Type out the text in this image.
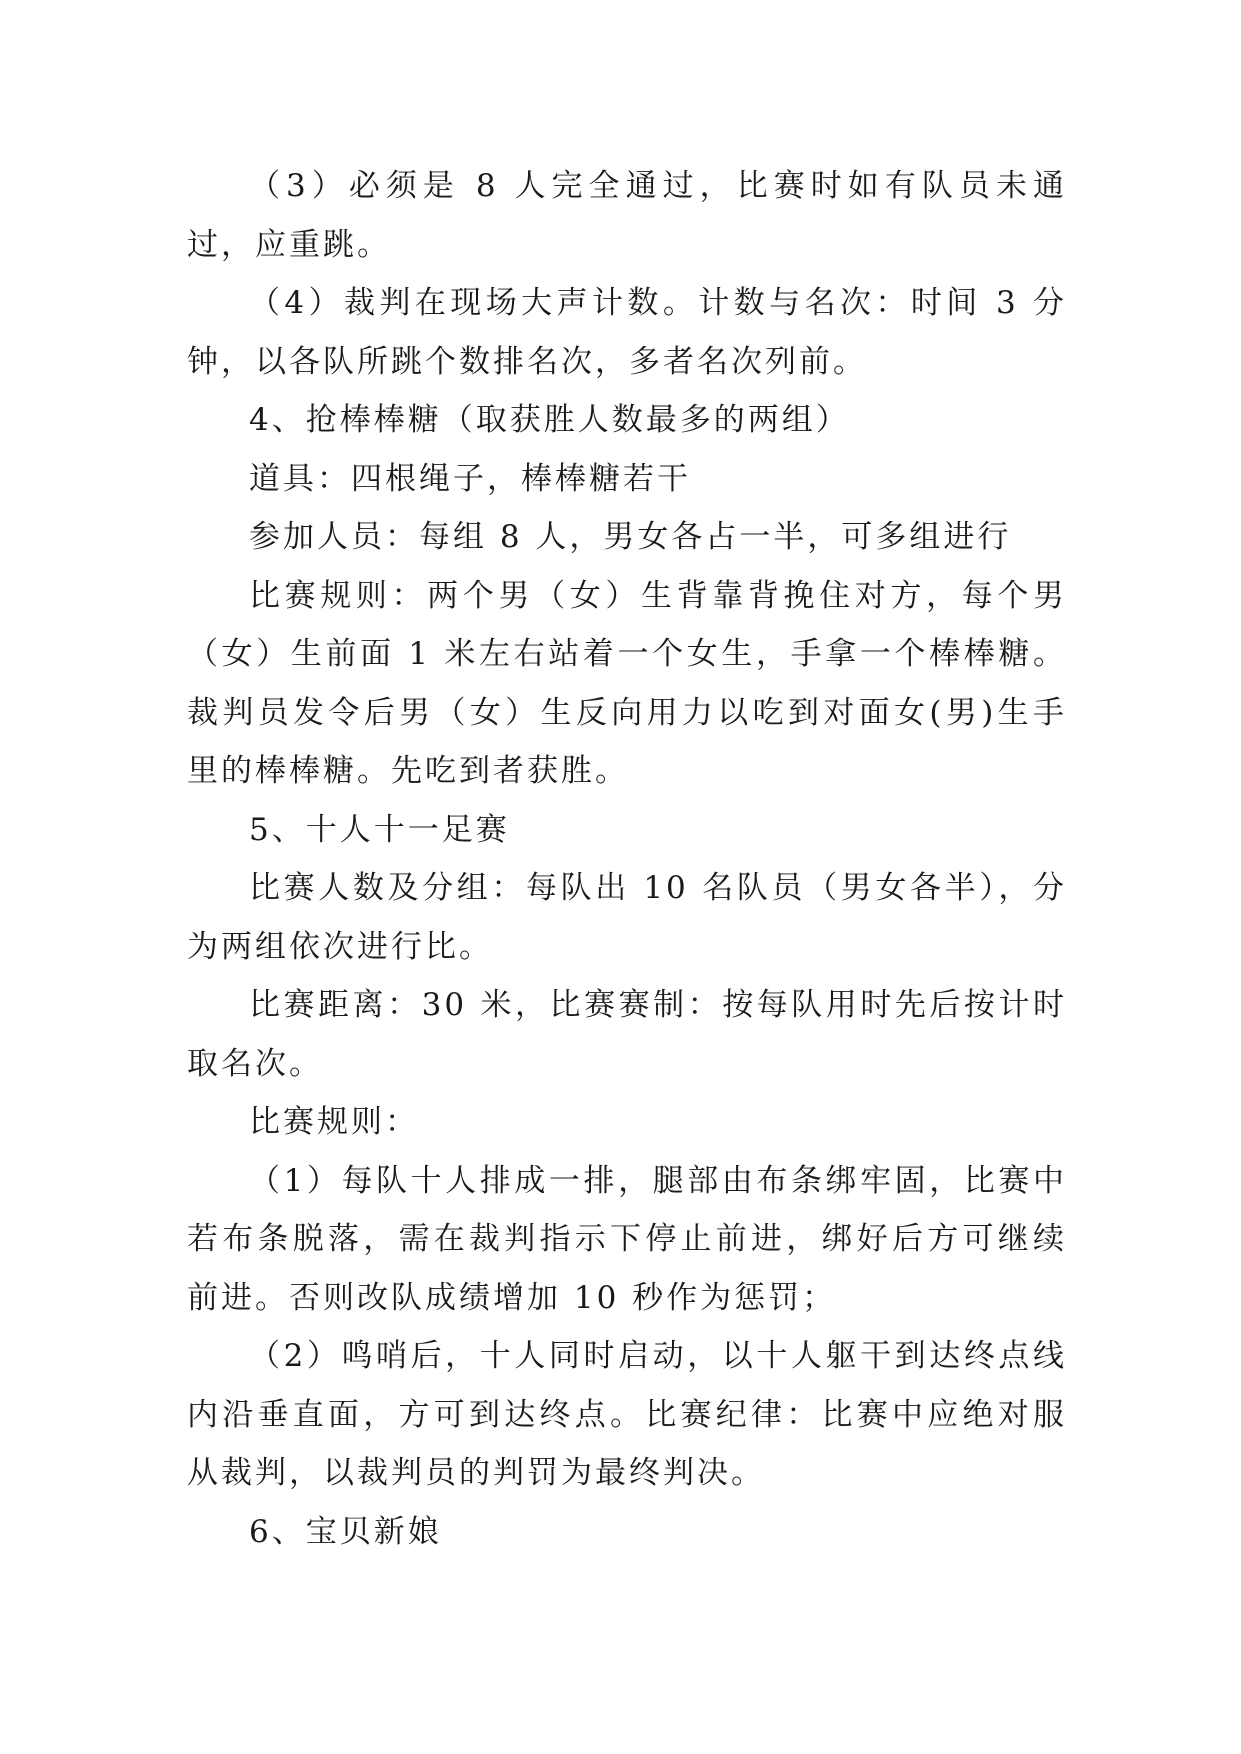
（3）必须是 8 人完全通过，比赛时如有队员未通过，应重跳。

（4）裁判在现场大声计数。计数与名次：时间 3 分钟，以各队所跳个数排名次，多者名次列前。

4、抢棒棒糖（取获胜人数最多的两组）

道具：四根绳子，棒棒糖若干

参加人员：每组 8 人，男女各占一半，可多组进行

比赛规则：两个男（女）生背靠背挽住对方，每个男（女）生前面 1 米左右站着一个女生，手拿一个棒棒糖。裁判员发令后男（女）生反向用力以吃到对面女(男)生手里的棒棒糖。先吃到者获胜。

5、十人十一足赛

比赛人数及分组：每队出 10 名队员（男女各半），分为两组依次进行比。

比赛距离：30 米，比赛赛制：按每队用时先后按计时取名次。

比赛规则：

（1）每队十人排成一排，腿部由布条绑牢固，比赛中若布条脱落，需在裁判指示下停止前进，绑好后方可继续前进。否则改队成绩增加 10 秒作为惩罚；

（2）鸣哨后，十人同时启动，以十人躯干到达终点线内沿垂直面，方可到达终点。比赛纪律：比赛中应绝对服从裁判，以裁判员的判罚为最终判决。

6、宝贝新娘
